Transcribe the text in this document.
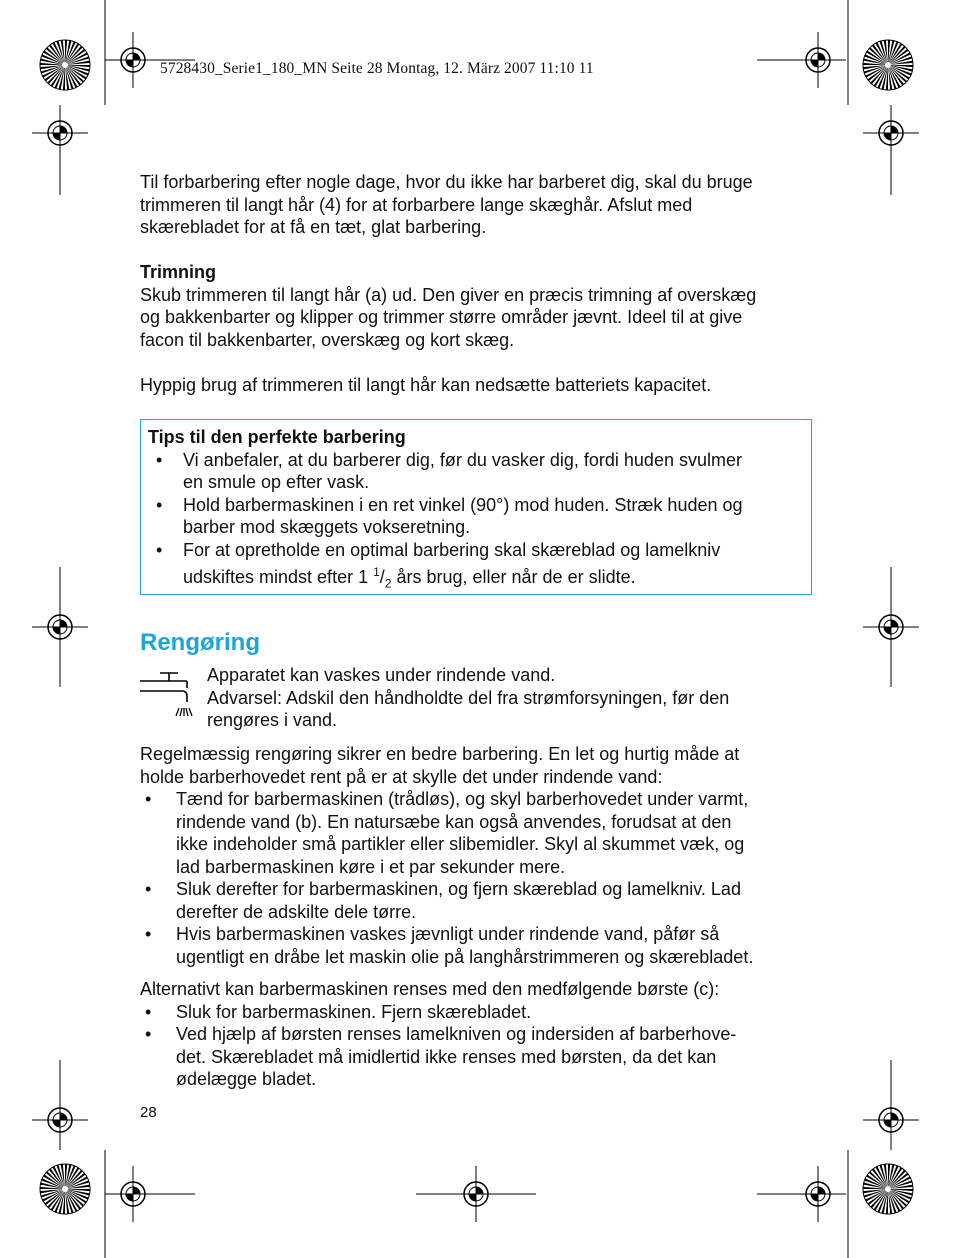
5728430_Serie1_180_MN Seite 28 Montag, 12. März 2007 11:10 11

Til forbarbering efter nogle dage, hvor du ikke har barberet dig, skal du bruge

trimmeren til langt hår (4) for at forbarbere lange skæghår. Afslut med

skærebladet for at få en tæt, glat barbering.

Trimning

Skub trimmeren til langt hår (a) ud. Den giver en præcis trimning af overskæg

og bakkenbarter og klipper og trimmer større områder jævnt. Ideel til at give

facon til bakkenbarter, overskæg og kort skæg.

Hyppig brug af trimmeren til langt hår kan nedsætte batteriets kapacitet.

Tips til den perfekte barbering
•	Vi anbefaler, at du barberer dig, før du vasker dig, fordi huden svulmer
en smule op efter vask.
•	Hold barbermaskinen i en ret vinkel (90°) mod huden. Stræk huden og
barber mod skæggets vokseretning.
•	For at opretholde en optimal barbering skal skæreblad og lamelkniv
udskiftes mindst efter 1 $^1/_2$ års brug, eller når de er slidte.
Rengøring
Apparatet kan vaskes under rindende vand.
Advarsel: Adskil den håndholdte del fra strømforsyningen, før den
rengøres i vand.
Regelmæssig rengøring sikrer en bedre barbering. En let og hurtig måde at
holde barberhovedet rent på er at skylle det under rindende vand:
•	Tænd for barbermaskinen (trådløs), og skyl barberhovedet under varmt,
rindende vand (b). En natursæbe kan også anvendes, forudsat at den
ikke indeholder små partikler eller slibemidler. Skyl al skummet væk, og
lad barbermaskinen køre i et par sekunder mere.
•	Sluk derefter for barbermaskinen, og fjern skæreblad og lamelkniv. Lad
derefter de adskilte dele tørre.
•	Hvis barbermaskinen vaskes jævnligt under rindende vand, påfør så
ugentligt en dråbe let maskin olie på langhårstrimmeren og skærebladet.
Alternativt kan barbermaskinen renses med den medfølgende børste (c):
•	Sluk for barbermaskinen. Fjern skærebladet.
•	Ved hjælp af børsten renses lamelkniven og indersiden af barberhove-
det. Skærebladet må imidlertid ikke renses med børsten, da det kan
ødelægge bladet.
28
